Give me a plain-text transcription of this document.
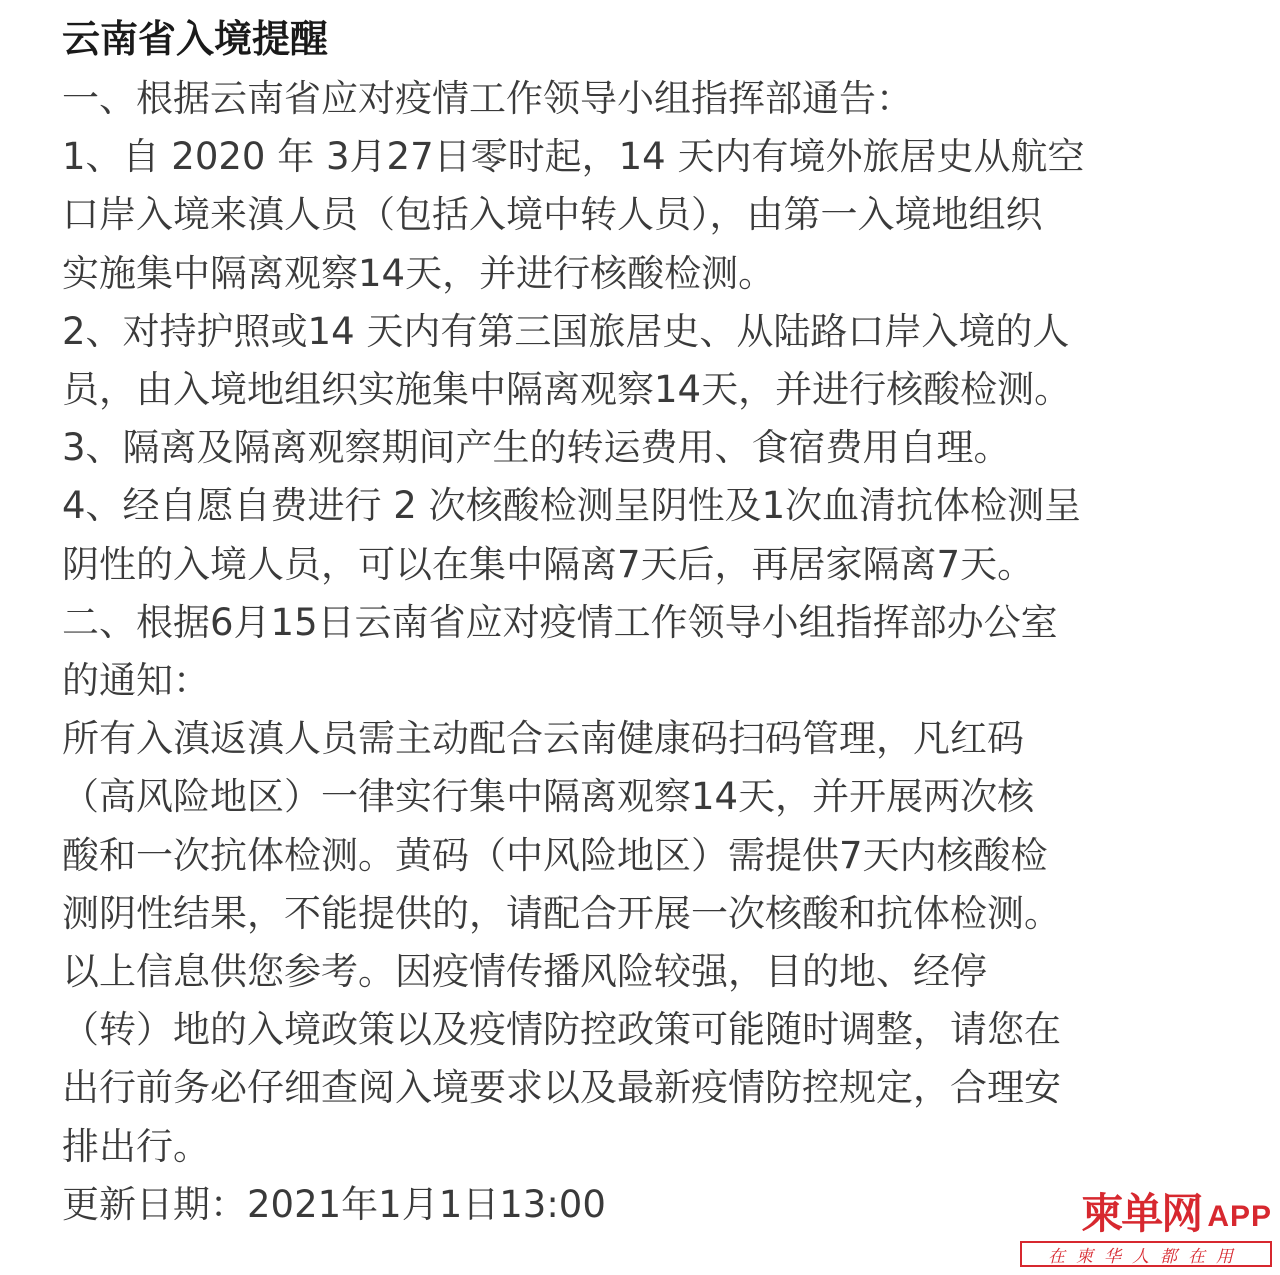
云南省入境提醒
一、根据云南省应对疫情工作领导小组指挥部通告：
1、自 2020 年 3月27日零时起，14 天内有境外旅居史从航空
口岸入境来滇人员（包括入境中转人员），由第一入境地组织
实施集中隔离观察14天，并进行核酸检测。
2、对持护照或14 天内有第三国旅居史、从陆路口岸入境的人
员，由入境地组织实施集中隔离观察14天，并进行核酸检测。
3、隔离及隔离观察期间产生的转运费用、食宿费用自理。
4、经自愿自费进行 2 次核酸检测呈阴性及1次血清抗体检测呈
阴性的入境人员，可以在集中隔离7天后，再居家隔离7天。
二、根据6月15日云南省应对疫情工作领导小组指挥部办公室
的通知：
所有入滇返滇人员需主动配合云南健康码扫码管理，凡红码
（高风险地区）一律实行集中隔离观察14天，并开展两次核
酸和一次抗体检测。黄码（中风险地区）需提供7天内核酸检
测阴性结果，不能提供的，请配合开展一次核酸和抗体检测。
以上信息供您参考。因疫情传播风险较强，目的地、经停
（转）地的入境政策以及疫情防控政策可能随时调整，请您在
出行前务必仔细查阅入境要求以及最新疫情防控规定，合理安
排出行。
更新日期：2021年1月1日13:00	柬单网 APP
在柬华人都在用
